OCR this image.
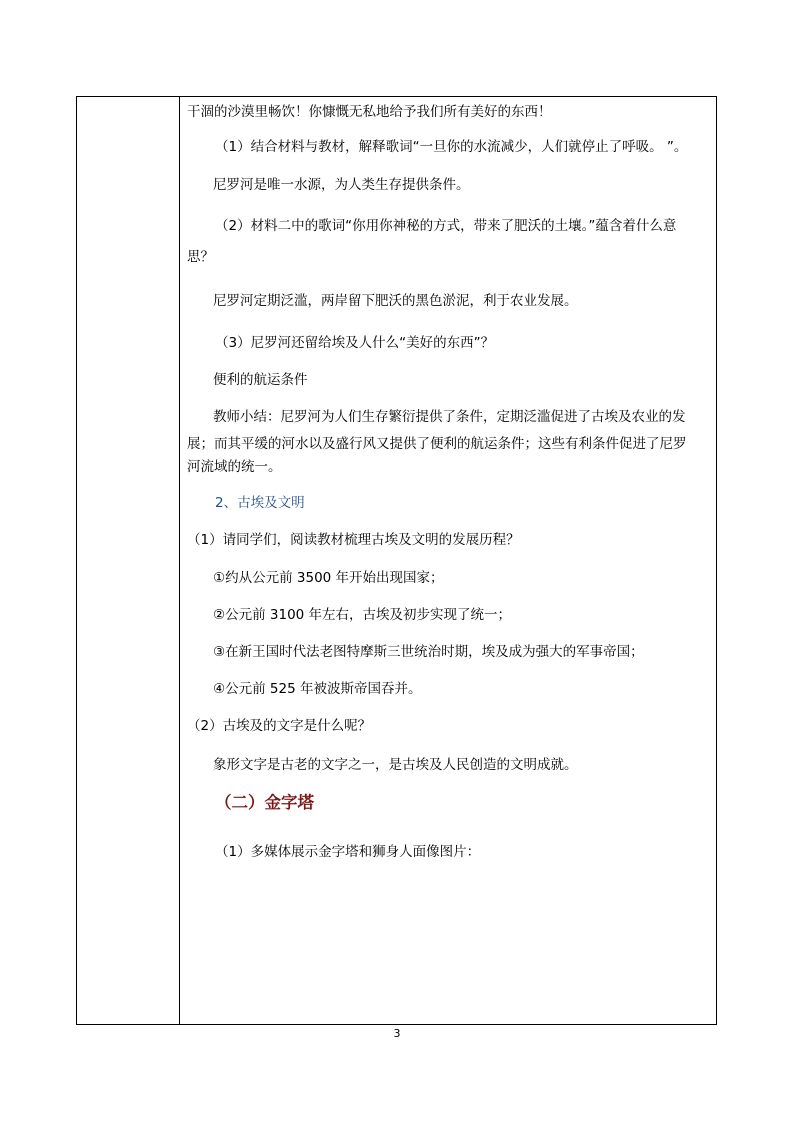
干涸的沙漠里畅饮！你慷慨无私地给予我们所有美好的东西！
（1）结合材料与教材，解释歌词“一旦你的水流减少，人们就停止了呼吸。 ”。
尼罗河是唯一水源，为人类生存提供条件。
（2）材料二中的歌词“你用你神秘的方式，带来了肥沃的土壤。”蕴含着什么意
思？
尼罗河定期泛滥，两岸留下肥沃的黑色淤泥，利于农业发展。
（3）尼罗河还留给埃及人什么“美好的东西”？
便利的航运条件
教师小结：尼罗河为人们生存繁衍提供了条件，定期泛滥促进了古埃及农业的发
展；而其平缓的河水以及盛行风又提供了便利的航运条件；这些有利条件促进了尼罗
河流域的统一。
2、古埃及文明
（1）请同学们，阅读教材梳理古埃及文明的发展历程？
①约从公元前 3500 年开始出现国家；
②公元前 3100 年左右，古埃及初步实现了统一；
③在新王国时代法老图特摩斯三世统治时期，埃及成为强大的军事帝国；
④公元前 525 年被波斯帝国吞并。
（2）古埃及的文字是什么呢？
象形文字是古老的文字之一，是古埃及人民创造的文明成就。
（二）金字塔
（1）多媒体展示金字塔和狮身人面像图片：
3
